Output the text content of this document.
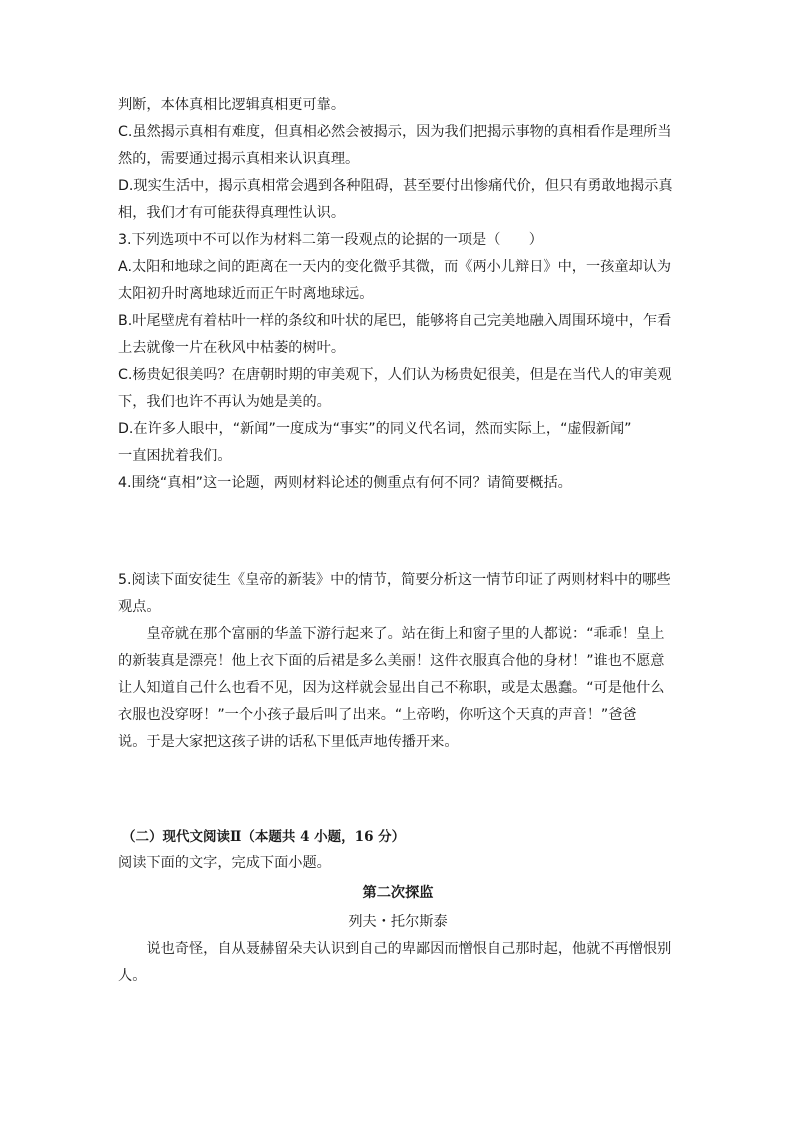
判断，本体真相比逻辑真相更可靠。
C.虽然揭示真相有难度，但真相必然会被揭示，因为我们把揭示事物的真相看作是理所当
然的，需要通过揭示真相来认识真理。
D.现实生活中，揭示真相常会遇到各种阻碍，甚至要付出惨痛代价，但只有勇敢地揭示真
相，我们才有可能获得真理性认识。
3.下列选项中不可以作为材料二第一段观点的论据的一项是（　　）
A.太阳和地球之间的距离在一天内的变化微乎其微，而《两小儿辩日》中，一孩童却认为
太阳初升时离地球近而正午时离地球远。
B.叶尾壁虎有着枯叶一样的条纹和叶状的尾巴，能够将自己完美地融入周围环境中，乍看
上去就像一片在秋风中枯萎的树叶。
C.杨贵妃很美吗？在唐朝时期的审美观下，人们认为杨贵妃很美，但是在当代人的审美观
下，我们也许不再认为她是美的。
D.在许多人眼中，“新闻”一度成为“事实”的同义代名词，然而实际上，“虚假新闻”
一直困扰着我们。
4.围绕“真相”这一论题，两则材料论述的侧重点有何不同？请简要概括。
5.阅读下面安徒生《皇帝的新装》中的情节，简要分析这一情节印证了两则材料中的哪些
观点。
　　皇帝就在那个富丽的华盖下游行起来了。站在街上和窗子里的人都说：“乖乖！皇上
的新装真是漂亮！他上衣下面的后裙是多么美丽！这件衣服真合他的身材！”谁也不愿意
让人知道自己什么也看不见，因为这样就会显出自己不称职，或是太愚蠢。“可是他什么
衣服也没穿呀！”一个小孩子最后叫了出来。“上帝哟，你听这个天真的声音！”爸爸
说。于是大家把这孩子讲的话私下里低声地传播开来。
（二）现代文阅读Ⅱ（本题共 4 小题，16 分）
阅读下面的文字，完成下面小题。
第二次探监
列夫・托尔斯泰
　　说也奇怪，自从聂赫留朵夫认识到自己的卑鄙因而憎恨自己那时起，他就不再憎恨别
人。
